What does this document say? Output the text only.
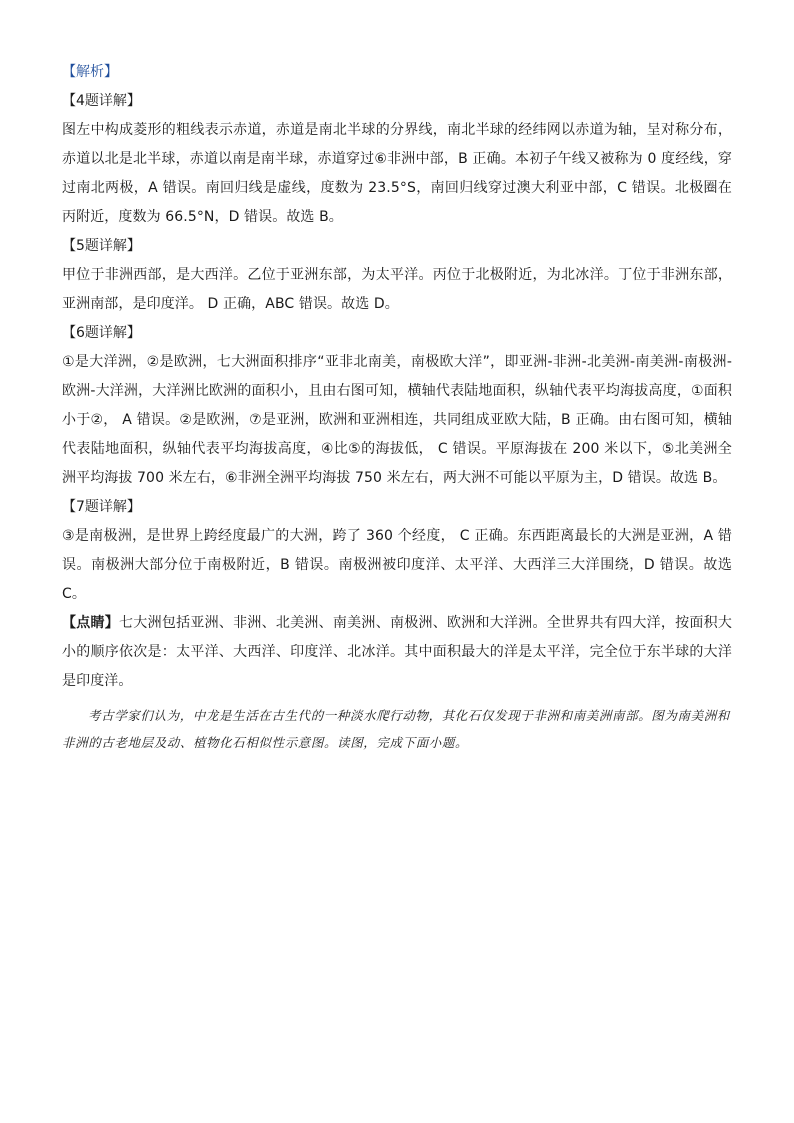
【解析】

【4题详解】

图左中构成菱形的粗线表示赤道，赤道是南北半球的分界线，南北半球的经纬网以赤道为轴，呈对称分布，赤道以北是北半球，赤道以南是南半球，赤道穿过⑥非洲中部，B 正确。本初子午线又被称为 0 度经线，穿过南北两极，A 错误。南回归线是虚线，度数为 23.5°S，南回归线穿过澳大利亚中部，C 错误。北极圈在丙附近，度数为 66.5°N，D 错误。故选 B。

【5题详解】

甲位于非洲西部，是大西洋。乙位于亚洲东部，为太平洋。丙位于北极附近，为北冰洋。丁位于非洲东部，亚洲南部，是印度洋。 D 正确，ABC 错误。故选 D。

【6题详解】

①是大洋洲，②是欧洲，七大洲面积排序“亚非北南美，南极欧大洋”，即亚洲-非洲-北美洲-南美洲-南极洲-欧洲-大洋洲，大洋洲比欧洲的面积小，且由右图可知，横轴代表陆地面积，纵轴代表平均海拔高度，①面积小于②， A 错误。②是欧洲，⑦是亚洲，欧洲和亚洲相连，共同组成亚欧大陆，B 正确。由右图可知，横轴代表陆地面积，纵轴代表平均海拔高度，④比⑤的海拔低， C 错误。平原海拔在 200 米以下，⑤北美洲全洲平均海拔 700 米左右，⑥非洲全洲平均海拔 750 米左右，两大洲不可能以平原为主，D 错误。故选 B。

【7题详解】

③是南极洲，是世界上跨经度最广的大洲，跨了 360 个经度， C 正确。东西距离最长的大洲是亚洲，A 错误。南极洲大部分位于南极附近，B 错误。南极洲被印度洋、太平洋、大西洋三大洋围绕，D 错误。故选 C。

【点睛】七大洲包括亚洲、非洲、北美洲、南美洲、南极洲、欧洲和大洋洲。全世界共有四大洋，按面积大小的顺序依次是：太平洋、大西洋、印度洋、北冰洋。其中面积最大的洋是太平洋，完全位于东半球的大洋是印度洋。

考古学家们认为，中龙是生活在古生代的一种淡水爬行动物，其化石仅发现于非洲和南美洲南部。图为南美洲和非洲的古老地层及动、植物化石相似性示意图。读图，完成下面小题。
